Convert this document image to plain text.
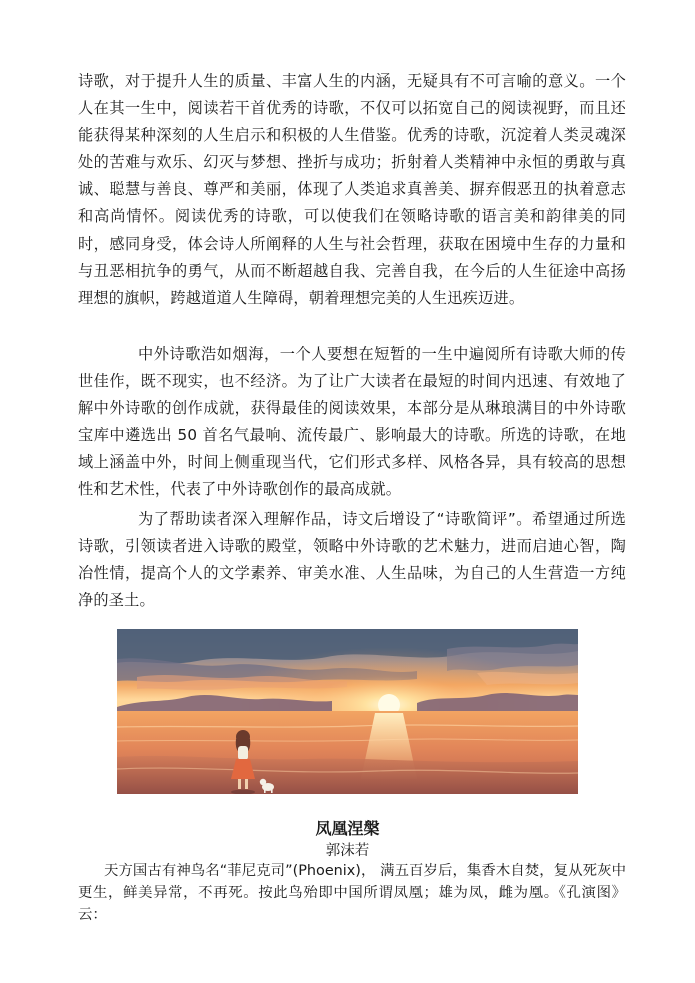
诗歌，对于提升人生的质量、丰富人生的内涵，无疑具有不可言喻的意义。一个人在其一生中，阅读若干首优秀的诗歌，不仅可以拓宽自己的阅读视野，而且还能获得某种深刻的人生启示和积极的人生借鉴。优秀的诗歌，沉淀着人类灵魂深处的苦难与欢乐、幻灭与梦想、挫折与成功；折射着人类精神中永恒的勇敢与真诚、聪慧与善良、尊严和美丽，体现了人类追求真善美、摒弃假恶丑的执着意志和高尚情怀。阅读优秀的诗歌，可以使我们在领略诗歌的语言美和韵律美的同时，感同身受，体会诗人所阐释的人生与社会哲理，获取在困境中生存的力量和与丑恶相抗争的勇气，从而不断超越自我、完善自我，在今后的人生征途中高扬理想的旗帜，跨越道道人生障碍，朝着理想完美的人生迅疾迈进。

中外诗歌浩如烟海，一个人要想在短暂的一生中遍阅所有诗歌大师的传世佳作，既不现实，也不经济。为了让广大读者在最短的时间内迅速、有效地了解中外诗歌的创作成就，获得最佳的阅读效果，本部分是从琳琅满目的中外诗歌宝库中遴选出 50 首名气最响、流传最广、影响最大的诗歌。所选的诗歌，在地域上涵盖中外，时间上侧重现当代，它们形式多样、风格各异，具有较高的思想性和艺术性，代表了中外诗歌创作的最高成就。

为了帮助读者深入理解作品，诗文后增设了“诗歌简评”。希望通过所选诗歌，引领读者进入诗歌的殿堂，领略中外诗歌的艺术魅力，进而启迪心智，陶冶性情，提高个人的文学素养、审美水准、人生品味，为自己的人生营造一方纯净的圣土。

凤凰涅槃

郭沫若

天方国古有神鸟名“菲尼克司”(Phoenix)， 满五百岁后，集香木自焚，复从死灰中更生，鲜美异常，不再死。按此鸟殆即中国所谓凤凰；雄为凤，雌为凰。《孔演图》云：
